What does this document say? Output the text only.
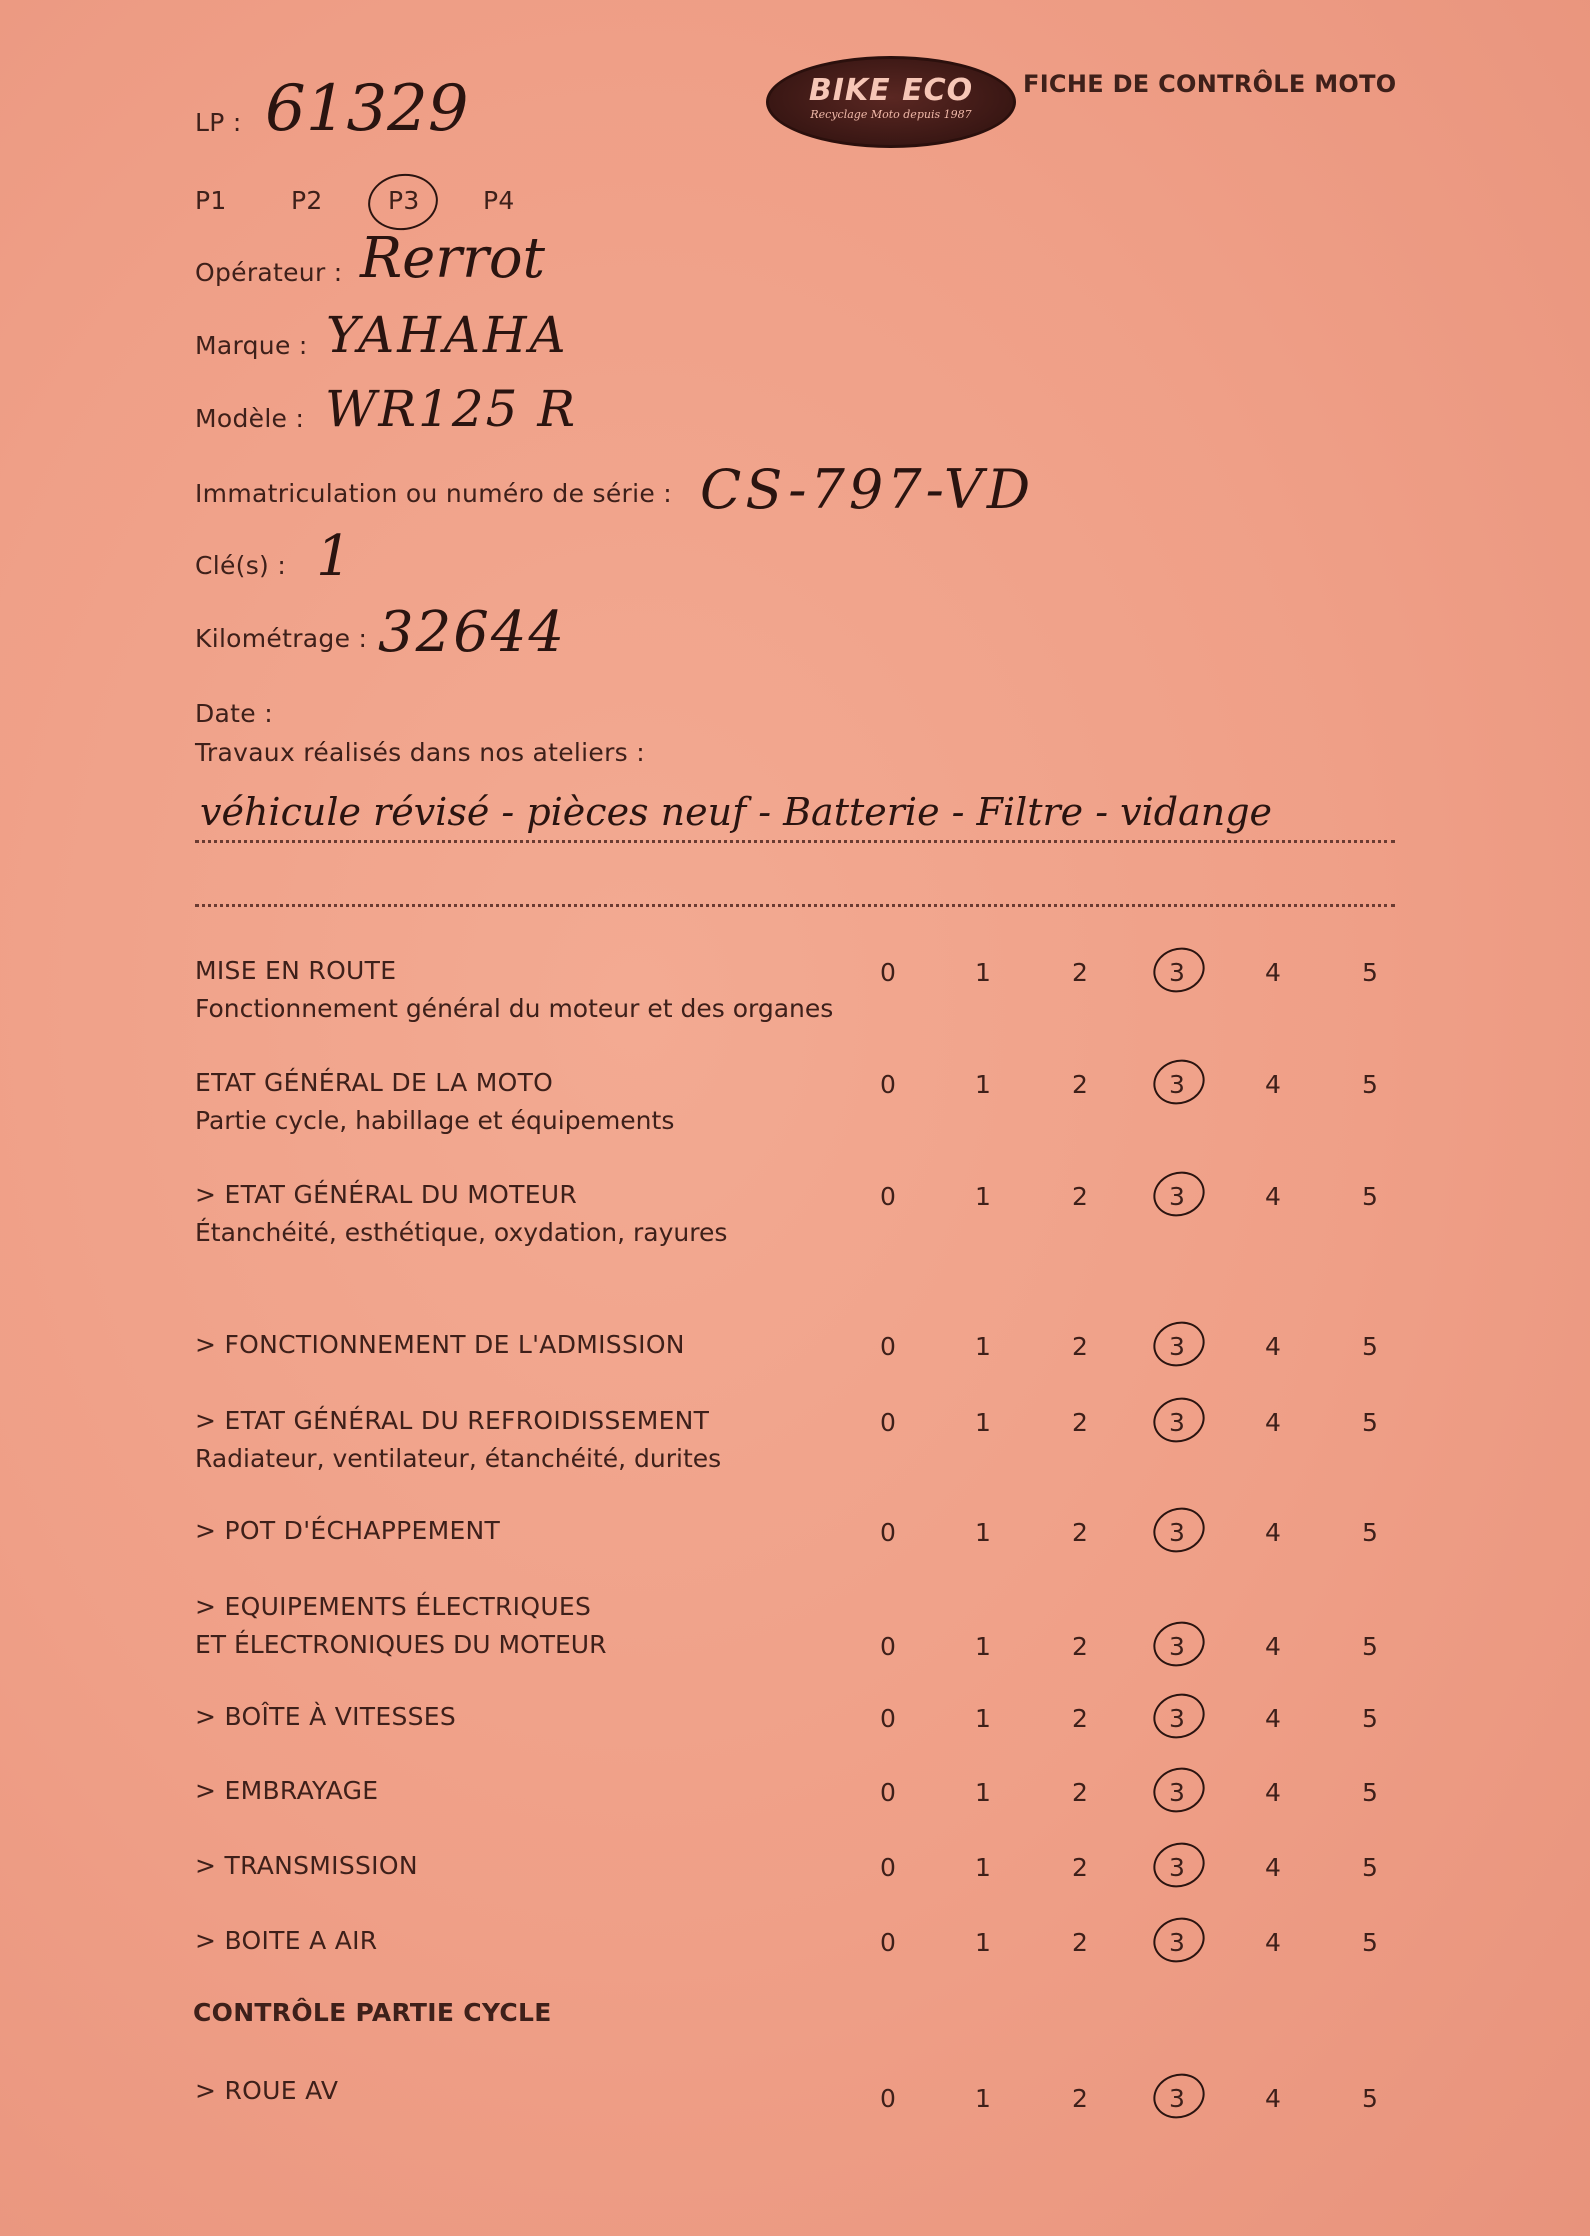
BIKE ECO
Recyclage Moto depuis 1987
FICHE DE CONTRÔLE MOTO
LP : 61329
P1	P2	P3	P4
Opérateur : Rerrot
Marque : YAHAHA
Modèle : WR125 R
Immatriculation ou numéro de série : CS-797-VD
Clé(s) : 1
Kilométrage : 32644
Date :
Travaux réalisés dans nos ateliers :
véhicule révisé - pièces neuf - Batterie - Filtre - vidange
MISE EN ROUTE
Fonctionnement général du moteur et des organes
0	1	2	3	4	5
ETAT GÉNÉRAL DE LA MOTO
Partie cycle, habillage et équipements
0	1	2	3	4	5
> ETAT GÉNÉRAL DU MOTEUR
Étanchéité, esthétique, oxydation, rayures
0	1	2	3	4	5
> FONCTIONNEMENT DE L'ADMISSION	0	1	2	3	4	5
> ETAT GÉNÉRAL DU REFROIDISSEMENT
Radiateur, ventilateur, étanchéité, durites
0	1	2	3	4	5
> POT D'ÉCHAPPEMENT	0	1	2	3	4	5
> EQUIPEMENTS ÉLECTRIQUES
ET ÉLECTRONIQUES DU MOTEUR	0	1	2	3	4	5
> BOÎTE À VITESSES	0	1	2	3	4	5
> EMBRAYAGE	0	1	2	3	4	5
> TRANSMISSION	0	1	2	3	4	5
> BOITE A AIR	0	1	2	3	4	5
CONTRÔLE PARTIE CYCLE
> ROUE AV	0	1	2	3	4	5
